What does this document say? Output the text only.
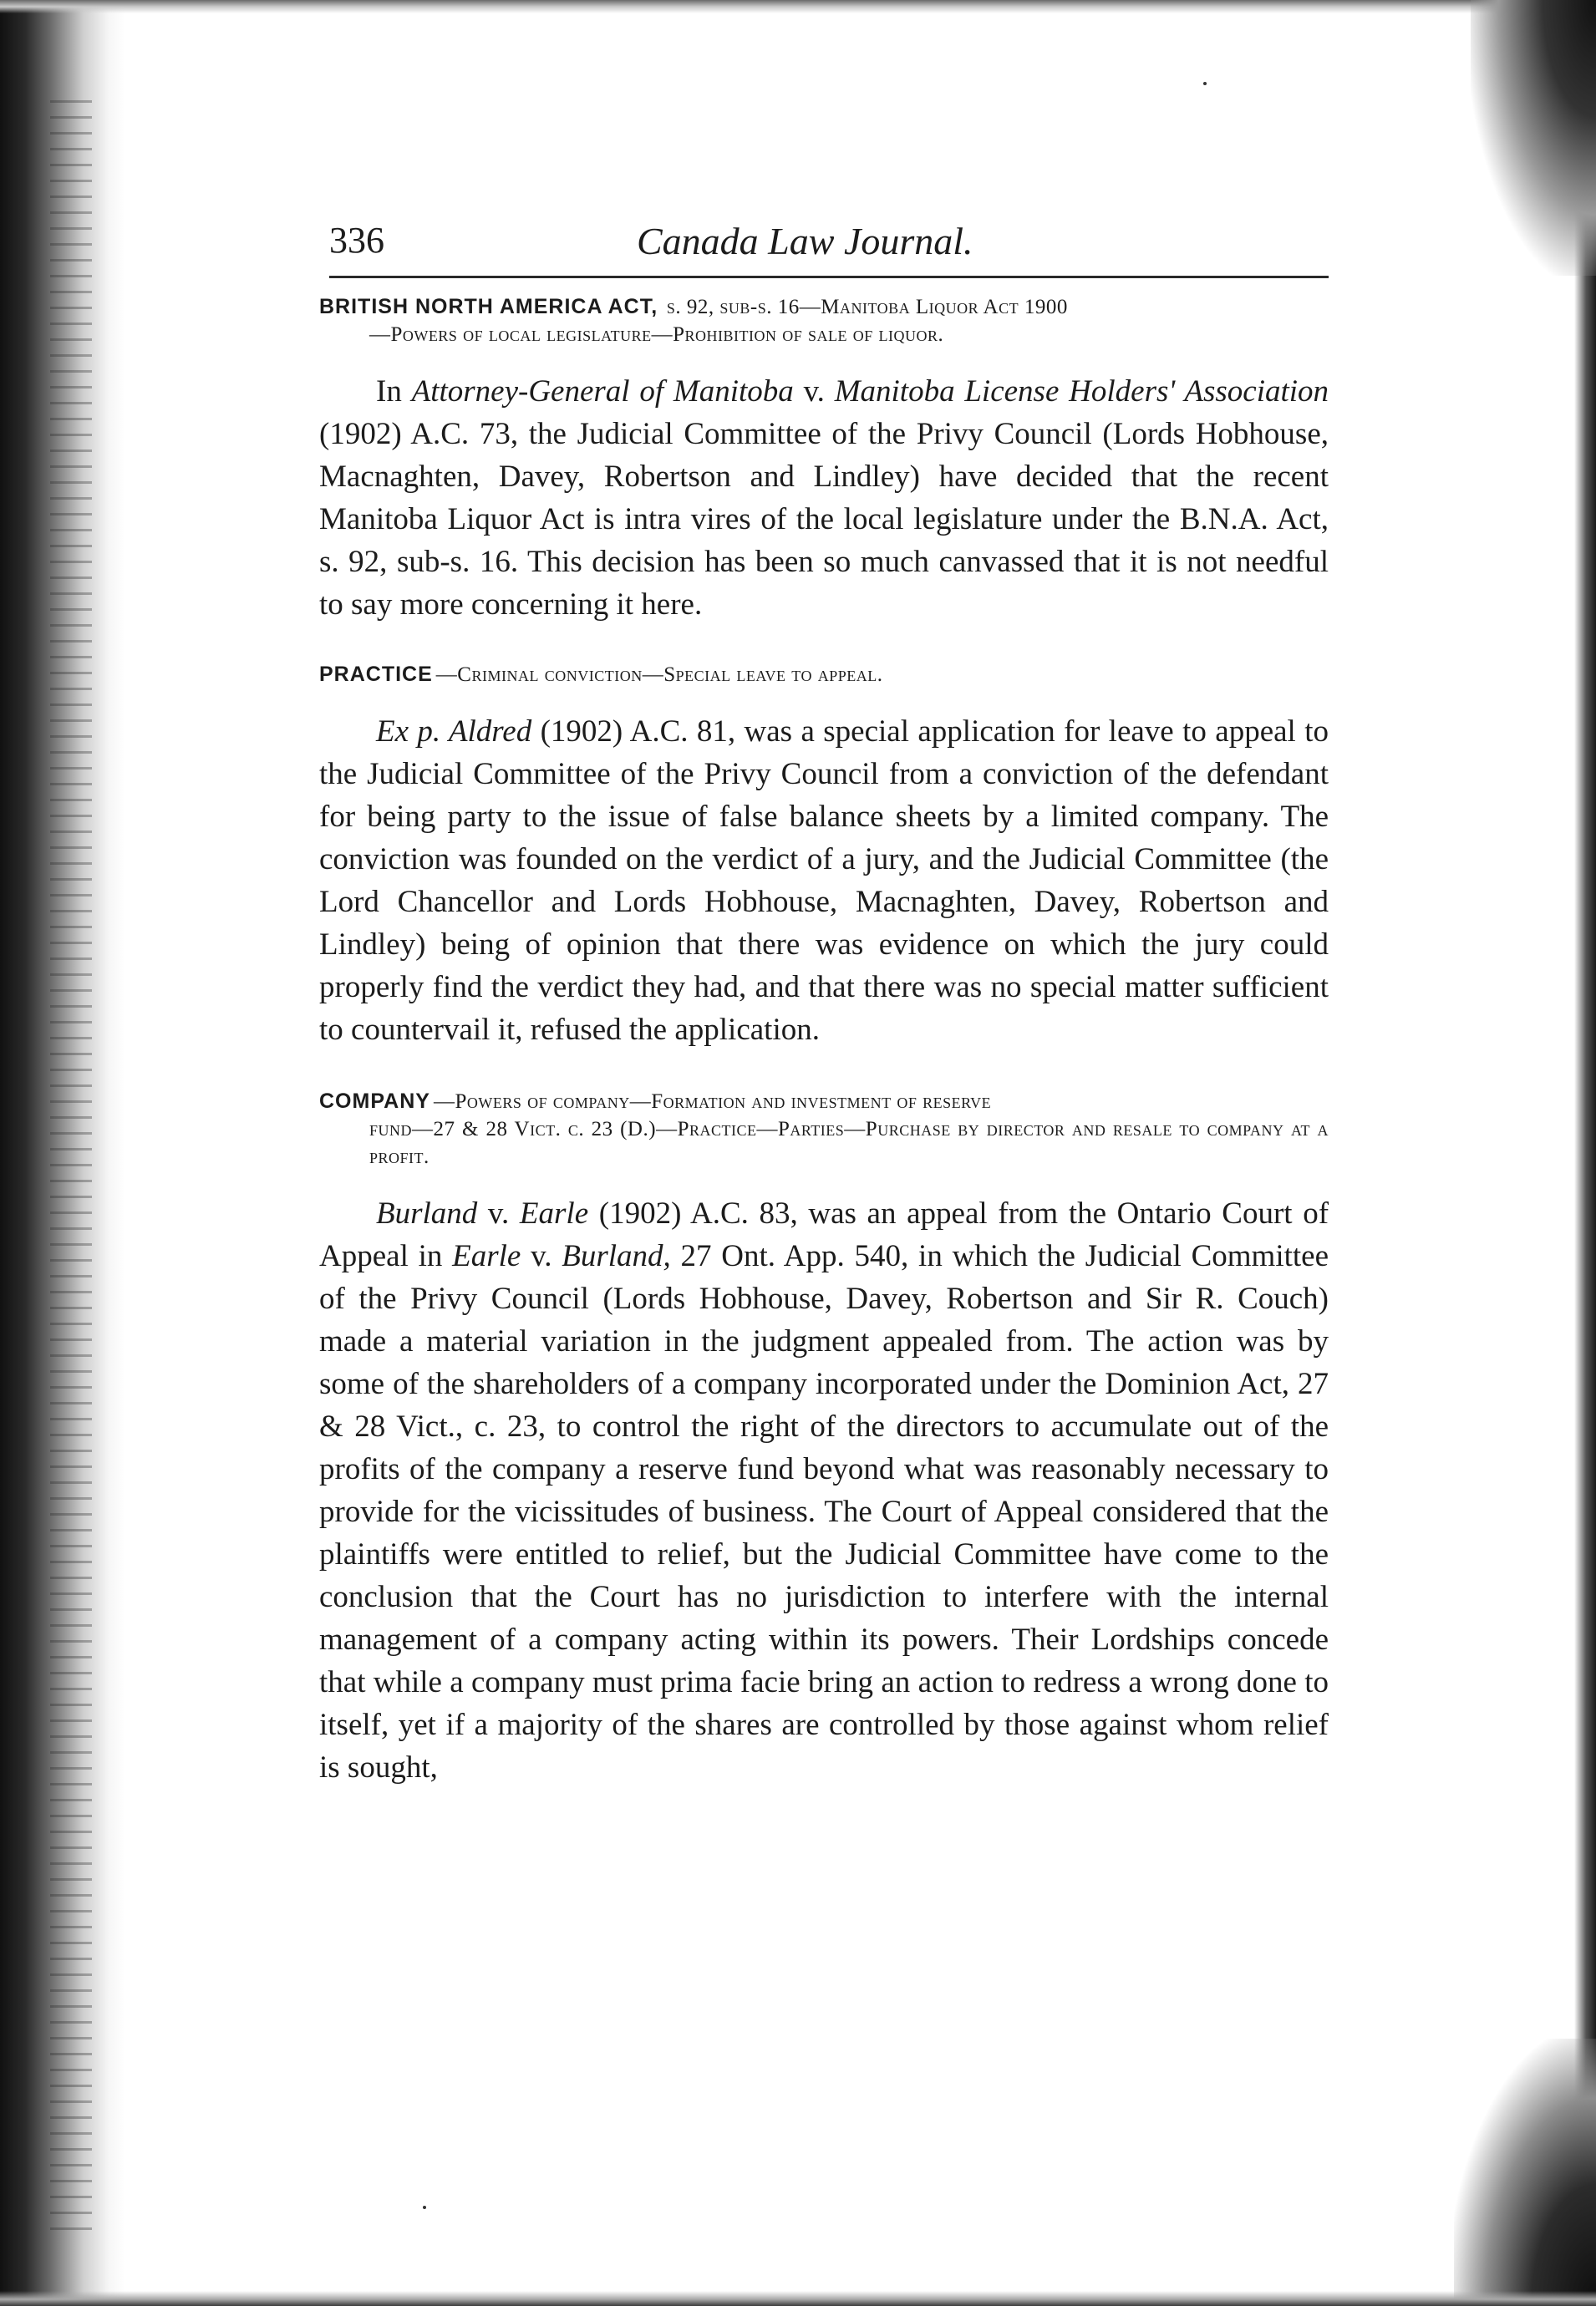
336	Canada Law Journal.
BRITISH NORTH AMERICA ACT, s. 92, sub-s. 16—Manitoba Liquor Act 1900
—Powers of local legislature—Prohibition of sale of liquor.

In Attorney-General of Manitoba v. Manitoba License Holders' Association (1902) A.C. 73, the Judicial Committee of the Privy Council (Lords Hobhouse, Macnaghten, Davey, Robertson and Lindley) have decided that the recent Manitoba Liquor Act is intra vires of the local legislature under the B.N.A. Act, s. 92, sub-s. 16. This decision has been so much canvassed that it is not needful to say more concerning it here.

PRACTICE —Criminal conviction—Special leave to appeal.

Ex p. Aldred (1902) A.C. 81, was a special application for leave to appeal to the Judicial Committee of the Privy Council from a conviction of the defendant for being party to the issue of false balance sheets by a limited company. The conviction was founded on the verdict of a jury, and the Judicial Committee (the Lord Chancellor and Lords Hobhouse, Macnaghten, Davey, Robertson and Lindley) being of opinion that there was evidence on which the jury could properly find the verdict they had, and that there was no special matter sufficient to countervail it, refused the application.

COMPANY —Powers of company—Formation and investment of reserve
fund—27 & 28 Vict. c. 23 (D.)—Practice—Parties—Purchase by director and resale to company at a profit.

Burland v. Earle (1902) A.C. 83, was an appeal from the Ontario Court of Appeal in Earle v. Burland, 27 Ont. App. 540, in which the Judicial Committee of the Privy Council (Lords Hobhouse, Davey, Robertson and Sir R. Couch) made a material variation in the judgment appealed from. The action was by some of the shareholders of a company incorporated under the Dominion Act, 27 & 28 Vict., c. 23, to control the right of the directors to accumulate out of the profits of the company a reserve fund beyond what was reasonably necessary to provide for the vicissitudes of business. The Court of Appeal considered that the plaintiffs were entitled to relief, but the Judicial Committee have come to the conclusion that the Court has no jurisdiction to interfere with the internal management of a company acting within its powers. Their Lordships concede that while a company must prima facie bring an action to redress a wrong done to itself, yet if a majority of the shares are controlled by those against whom relief is sought,
